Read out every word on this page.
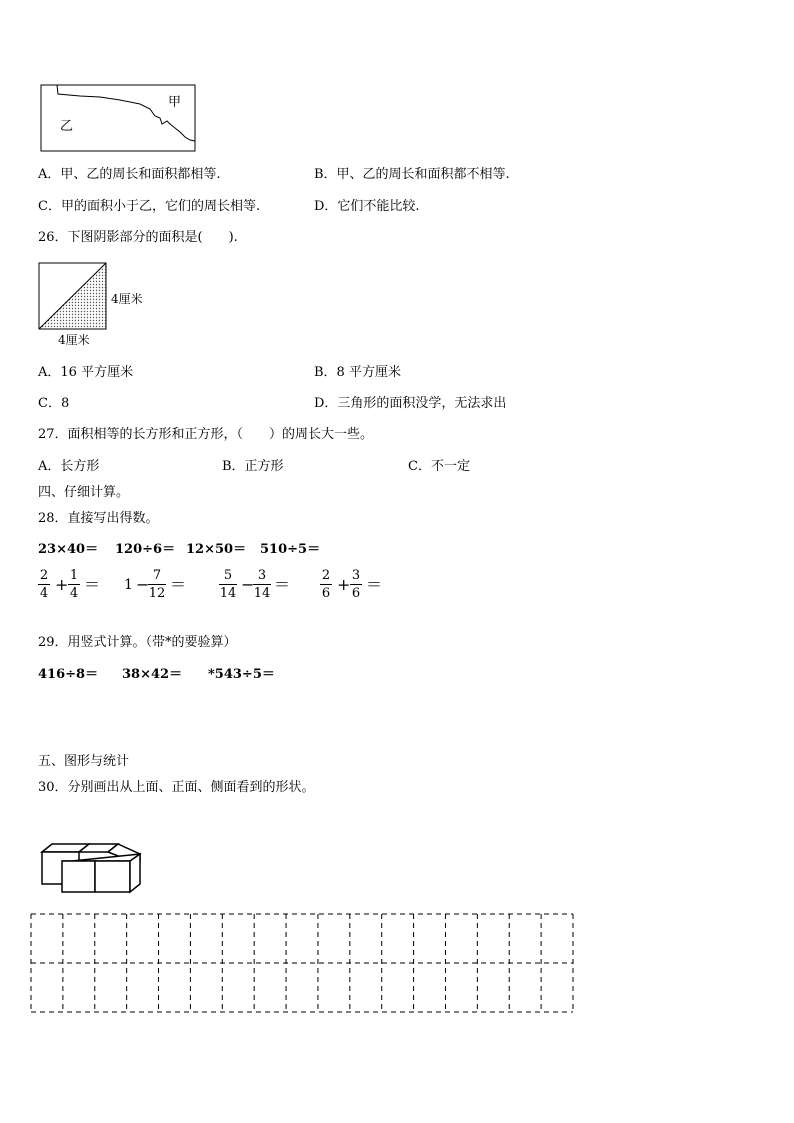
甲
乙
A．甲、乙的周长和面积都相等.	B．甲、乙的周长和面积都不相等.
C．甲的面积小于乙，它们的周长相等.	D．它们不能比较.
26．下图阴影部分的面积是(　　).
4厘米
4厘米
A．16 平方厘米	B．8 平方厘米
C．8	D．三角形的面积没学，无法求出
27．面积相等的长方形和正方形，（　　）的周长大一些。
A．长方形	B．正方形	C．不一定
四、仔细计算。
28．直接写出得数。
23×40＝ 120÷6＝ 12×50＝ 510÷5＝
2
4 + 1
4 ＝ 1 − 7
12 ＝	5
14 − 3
14 ＝ 2
6 + 3
6 ＝
29．用竖式计算。（带*的要验算）
416÷8＝ 38×42＝ *543÷5＝
五、图形与统计
30．分别画出从上面、正面、侧面看到的形状。
